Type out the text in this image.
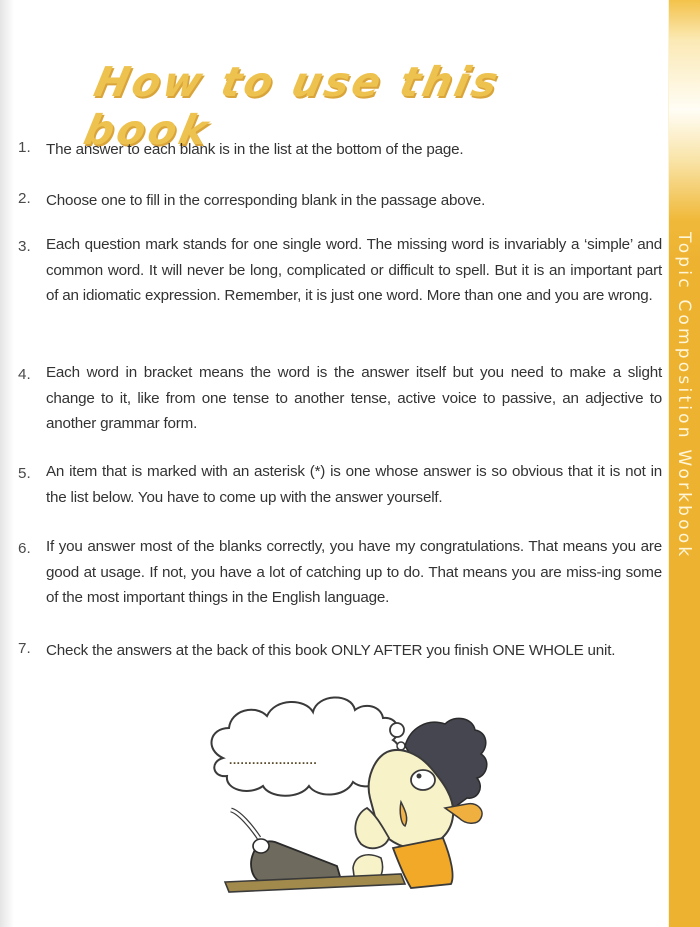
Topic Composition Workbook
How to use this book
1. The answer to each blank is in the list at the bottom of the page.
2. Choose one to fill in the corresponding blank in the passage above.
3. Each question mark stands for one single word. The missing word is invariably a ‘simple’ and common word. It will never be long, complicated or difficult to spell. But it is an important part of an idiomatic expression. Remember, it is just one word. More than one and you are wrong.
4. Each word in bracket means the word is the answer itself but you need to make a slight change to it, like from one tense to another tense, active voice to passive, an adjective to another grammar form.
5. An item that is marked with an asterisk (*) is one whose answer is so obvious that it is not in the list below. You have to come up with the answer yourself.
6. If you answer most of the blanks correctly, you have my congratulations. That means you are good at usage. If not, you have a lot of catching up to do. That means you are miss-ing some of the most important things in the English language.
7. Check the answers at the back of this book ONLY AFTER you finish ONE WHOLE unit.
.......................
